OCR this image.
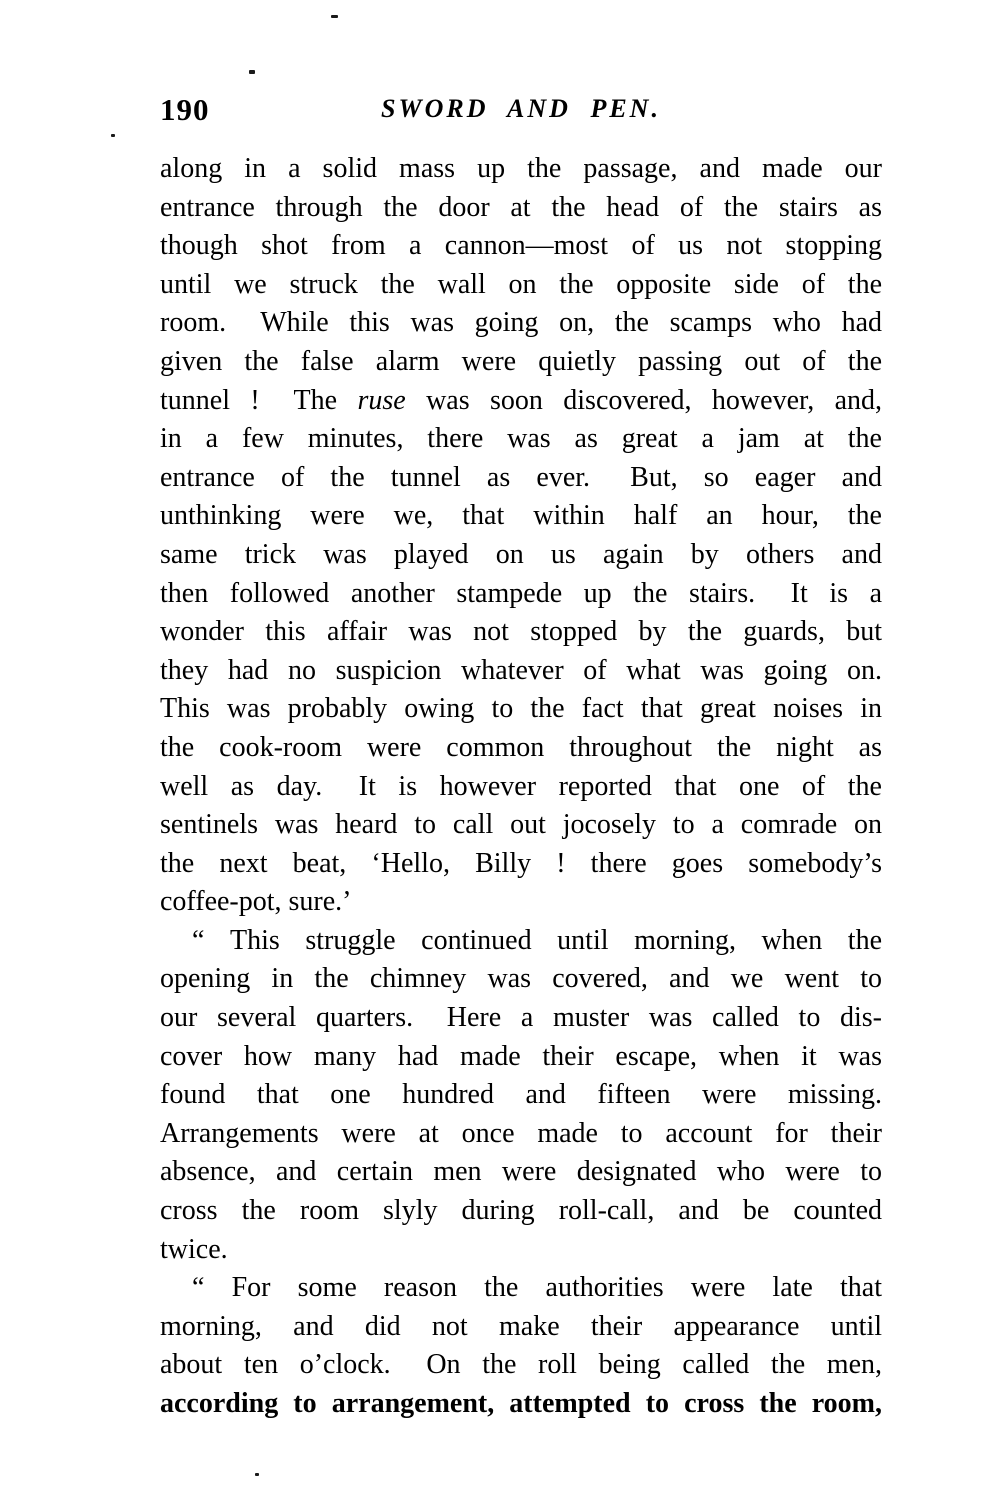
190	SWORD AND PEN.
along in a solid mass up the passage, and made our
entrance through the door at the head of the stairs as
though shot from a cannon—most of us not stopping
until we struck the wall on the opposite side of the
room.  While this was going on, the scamps who had
given the false alarm were quietly passing out of the
tunnel !  The ruse was soon discovered, however, and,
in a few minutes, there was as great a jam at the
entrance of the tunnel as ever.  But, so eager and
unthinking were we, that within half an hour, the
same trick was played on us again by others and
then followed another stampede up the stairs.  It is a
wonder this affair was not stopped by the guards, but
they had no suspicion whatever of what was going on.
This was probably owing to the fact that great noises in
the cook-room were common throughout the night as
well as day.  It is however reported that one of the
sentinels was heard to call out jocosely to a comrade on
the next beat, ‘Hello, Billy ! there goes somebody’s
coffee-pot, sure.’
“ This struggle continued until morning, when the
opening in the chimney was covered, and we went to
our several quarters.  Here a muster was called to dis-
cover how many had made their escape, when it was
found that one hundred and fifteen were missing.
Arrangements were at once made to account for their
absence, and certain men were designated who were to
cross the room slyly during roll-call, and be counted
twice.
“ For some reason the authorities were late that
morning, and did not make their appearance until
about ten o’clock.  On the roll being called the men,
according to arrangement, attempted to cross the room,
